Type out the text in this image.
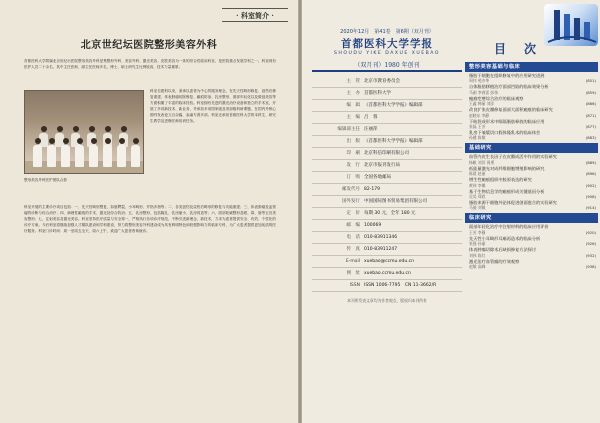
· 科室简介 ·
北京世纪坛医院整形美容外科
首都医科大学附属北京世纪坛医院整形美容外科是集整形外科、美容外科、激光美容、皮肤美容为一体的综合性临床科室，是医院重点发展学科之一。科室现有医护人员二十余名，其中主任医师、副主任医师多名，博士、硕士研究生比例较高，技术力量雄厚。
整形美容外科医护团队合影
科室自建科以来，秉承以患者为中心的服务理念，在先天性畸形修复、创伤后修复重建、体表肿瘤切除修复、瘢痕防治、乳房整形、面部年轻化以及微创美容等方面积累了丰富的临床经验。科室拥有先进的激光治疗设备和独立的手术室，开展了多项新技术、新业务，并承担多项国家级及省部级科研课题，在国内外核心期刊发表论文百余篇，参编专著多部。科室还承担首都医科大学的本科生、研究生教学及进修医师培训任务。
科室开展的主要诊疗项目包括：一、先天性畸形整复，如唇腭裂、小耳畸形、并指多指等；二、各类创伤及烧伤后畸形的修复与功能重建；三、体表肿瘤及血管瘤的诊断与综合治疗；四、病理性瘢痕的手术、激光及综合防治；五、乳房整形，包括隆乳、乳房缩小、乳房再造等；六、面部轮廓整形及眼、鼻、唇等五官美容整形；七、注射美容及激光美容。科室坚持医疗质量与安全第一，严格执行各项诊疗规范，不断引进新理念、新技术，力求为患者提供安全、有效、个性化的诊疗方案。今后科室将继续加强人才梯队建设和学科建设，努力将整形美容外科建设成为具有鲜明特色和较强影响力的临床专科，为广大患者提供更加优质的医疗服务。科室门诊时间：周一至周五全天，周六上午，欢迎广大患者咨询就诊。
2020年12月　第41卷　第6期（双月刊）
首都医科大学学报
SHOUDU YIKE DAXUE XUEBAO
（双月刊）1980 年创刊
目　次
主　管 北京市教育委员会
主　办 首都医科大学
编　辑 《首都医科大学学报》编辑部
主　编 吕　蓉
编辑部主任 汪丽萍
出　版 《首都医科大学学报》编辑部
印　刷 北京科信印刷有限公司
发　行 北京市报刊发行局
订　购 全国各地邮局
邮发代号 82-179
国外发行 中国国际图书贸易集团有限公司
定　价 每期 30 元，全年 180 元
邮　编 100069
电　话 010-83911346
传　真 010-83911247
E-mail xuebao@ccmu.edu.cn
网　址 xuebao.ccmu.edu.cn
ISSN ISSN 1006-7795　CN 11-3662/R
本刊所发表文章均为作者观点，版权归本刊所有
整形美容基础与临床
脂肪干细胞在组织修复中的应用研究进展
周钊 苑亦华	(851)
自体脂肪移植治疗面部凹陷的临床效果分析
马刚 李春雷 彭伟	(859)
瘢痕疙瘩综合治疗的临床观察
王鑫 韩丽 刘洋	(866)
改良扩张皮瓣修复面部大面积瘢痕的临床研究
赵晓东 李静	(871)
下睑袋成形术中眶隔脂肪释放的临床应用
张磊 王芳	(877)
乳房下皱襞切口假体隆乳术的临床体会
孙健 陈敏	(883)
基础研究
血管内皮生长因子在皮瓣成活中作用的实验研究
杨帆 刘洋 周勇	(889)
低能量激光对成纤维细胞增殖影响的研究
陈晨 赵丽	(896)
增生性瘢痕组织中胶原表达的研究
黄伟 李娜	(902)
基于生物信息学的瘢痕形成关键基因分析
吴昊 郑欣	(908)
脂肪来源干细胞外泌体促进创面愈合的实验研究
马骏 刘敏	(914)
临床研究
面部年轻化治疗中注射材料的临床应用评价
王芳 李静	(920)
先天性小耳畸形耳廓再造术的临床分析
张强 孙丽	(926)
体表肿瘤切除术后缺损修复方法探讨
刘伟 陈红	(932)
激光治疗血管瘤的疗效观察
赵敏 高峰	(938)
